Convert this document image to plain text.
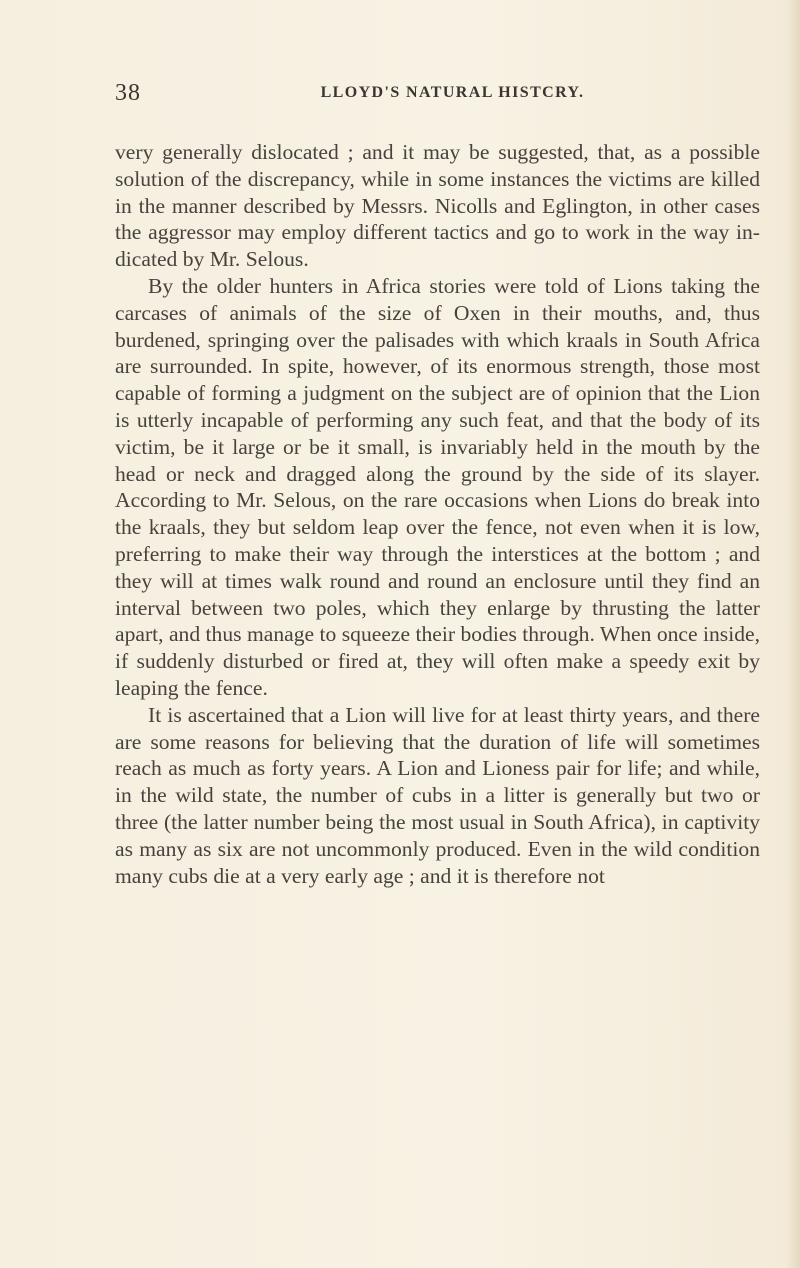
38	LLOYD'S NATURAL HISTCRY.

very generally dislocated ; and it may be suggested, that, as a possible solution of the discrepancy, while in some instances the victims are killed in the manner described by Messrs. Nicolls and Eglington, in other cases the aggressor may employ different tactics and go to work in the way indicated by Mr. Selous.

By the older hunters in Africa stories were told of Lions taking the carcases of animals of the size of Oxen in their mouths, and, thus burdened, springing over the palisades with which kraals in South Africa are surrounded. In spite, however, of its enormous strength, those most capable of forming a judgment on the subject are of opinion that the Lion is utterly incapable of performing any such feat, and that the body of its victim, be it large or be it small, is invariably held in the mouth by the head or neck and dragged along the ground by the side of its slayer. According to Mr. Selous, on the rare occasions when Lions do break into the kraals, they but seldom leap over the fence, not even when it is low, preferring to make their way through the interstices at the bottom ; and they will at times walk round and round an enclosure until they find an interval between two poles, which they enlarge by thrusting the latter apart, and thus manage to squeeze their bodies through. When once inside, if suddenly disturbed or fired at, they will often make a speedy exit by leaping the fence.

It is ascertained that a Lion will live for at least thirty years, and there are some reasons for believing that the duration of life will sometimes reach as much as forty years. A Lion and Lioness pair for life; and while, in the wild state, the number of cubs in a litter is generally but two or three (the latter number being the most usual in South Africa), in captivity as many as six are not uncommonly produced. Even in the wild condition many cubs die at a very early age ; and it is therefore not
